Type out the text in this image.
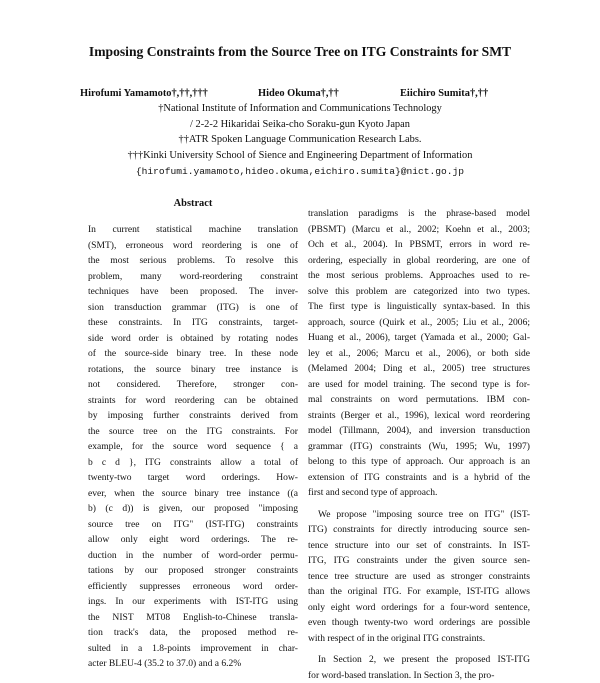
Imposing Constraints from the Source Tree on ITG Constraints for SMT
Hirofumi Yamamoto†,††,†††	Hideo Okuma†,††	Eiichiro Sumita†,††
†National Institute of Information and Communications Technology
/ 2-2-2 Hikaridai Seika-cho Soraku-gun Kyoto Japan
††ATR Spoken Language Communication Research Labs.
†††Kinki University School of Sience and Engineering Department of Information
{hirofumi.yamamoto,hideo.okuma,eichiro.sumita}@nict.go.jp
Abstract
In current statistical machine translation
(SMT), erroneous word reordering is one of
the most serious problems. To resolve this
problem, many word-reordering constraint
techniques have been proposed. The inver-
sion transduction grammar (ITG) is one of
these constraints. In ITG constraints, target-
side word order is obtained by rotating nodes
of the source-side binary tree. In these node
rotations, the source binary tree instance is
not considered. Therefore, stronger con-
straints for word reordering can be obtained
by imposing further constraints derived from
the source tree on the ITG constraints. For
example, for the source word sequence { a
b c d }, ITG constraints allow a total of
twenty-two target word orderings. How-
ever, when the source binary tree instance ((a
b) (c d)) is given, our proposed "imposing
source tree on ITG" (IST-ITG) constraints
allow only eight word orderings. The re-
duction in the number of word-order permu-
tations by our proposed stronger constraints
efficiently suppresses erroneous word order-
ings. In our experiments with IST-ITG using
the NIST MT08 English-to-Chinese transla-
tion track's data, the proposed method re-
sulted in a 1.8-points improvement in char-
acter BLEU-4 (35.2 to 37.0) and a 6.2%
translation paradigms is the phrase-based model
(PBSMT) (Marcu et al., 2002; Koehn et al., 2003;
Och et al., 2004). In PBSMT, errors in word re-
ordering, especially in global reordering, are one of
the most serious problems. Approaches used to re-
solve this problem are categorized into two types.
The first type is linguistically syntax-based. In this
approach, source (Quirk et al., 2005; Liu et al., 2006;
Huang et al., 2006), target (Yamada et al., 2000; Gal-
ley et al., 2006; Marcu et al., 2006), or both side
(Melamed 2004; Ding et al., 2005) tree structures
are used for model training. The second type is for-
mal constraints on word permutations. IBM con-
straints (Berger et al., 1996), lexical word reordering
model (Tillmann, 2004), and inversion transduction
grammar (ITG) constraints (Wu, 1995; Wu, 1997)
belong to this type of approach. Our approach is an
extension of ITG constraints and is a hybrid of the
first and second type of approach.

We propose "imposing source tree on ITG" (IST-
ITG) constraints for directly introducing source sen-
tence structure into our set of constraints. In IST-
ITG, ITG constraints under the given source sen-
tence tree structure are used as stronger constraints
than the original ITG. For example, IST-ITG allows
only eight word orderings for a four-word sentence,
even though twenty-two word orderings are possible
with respect of in the original ITG constraints.

In Section 2, we present the proposed IST-ITG
for word-based translation. In Section 3, the pro-
